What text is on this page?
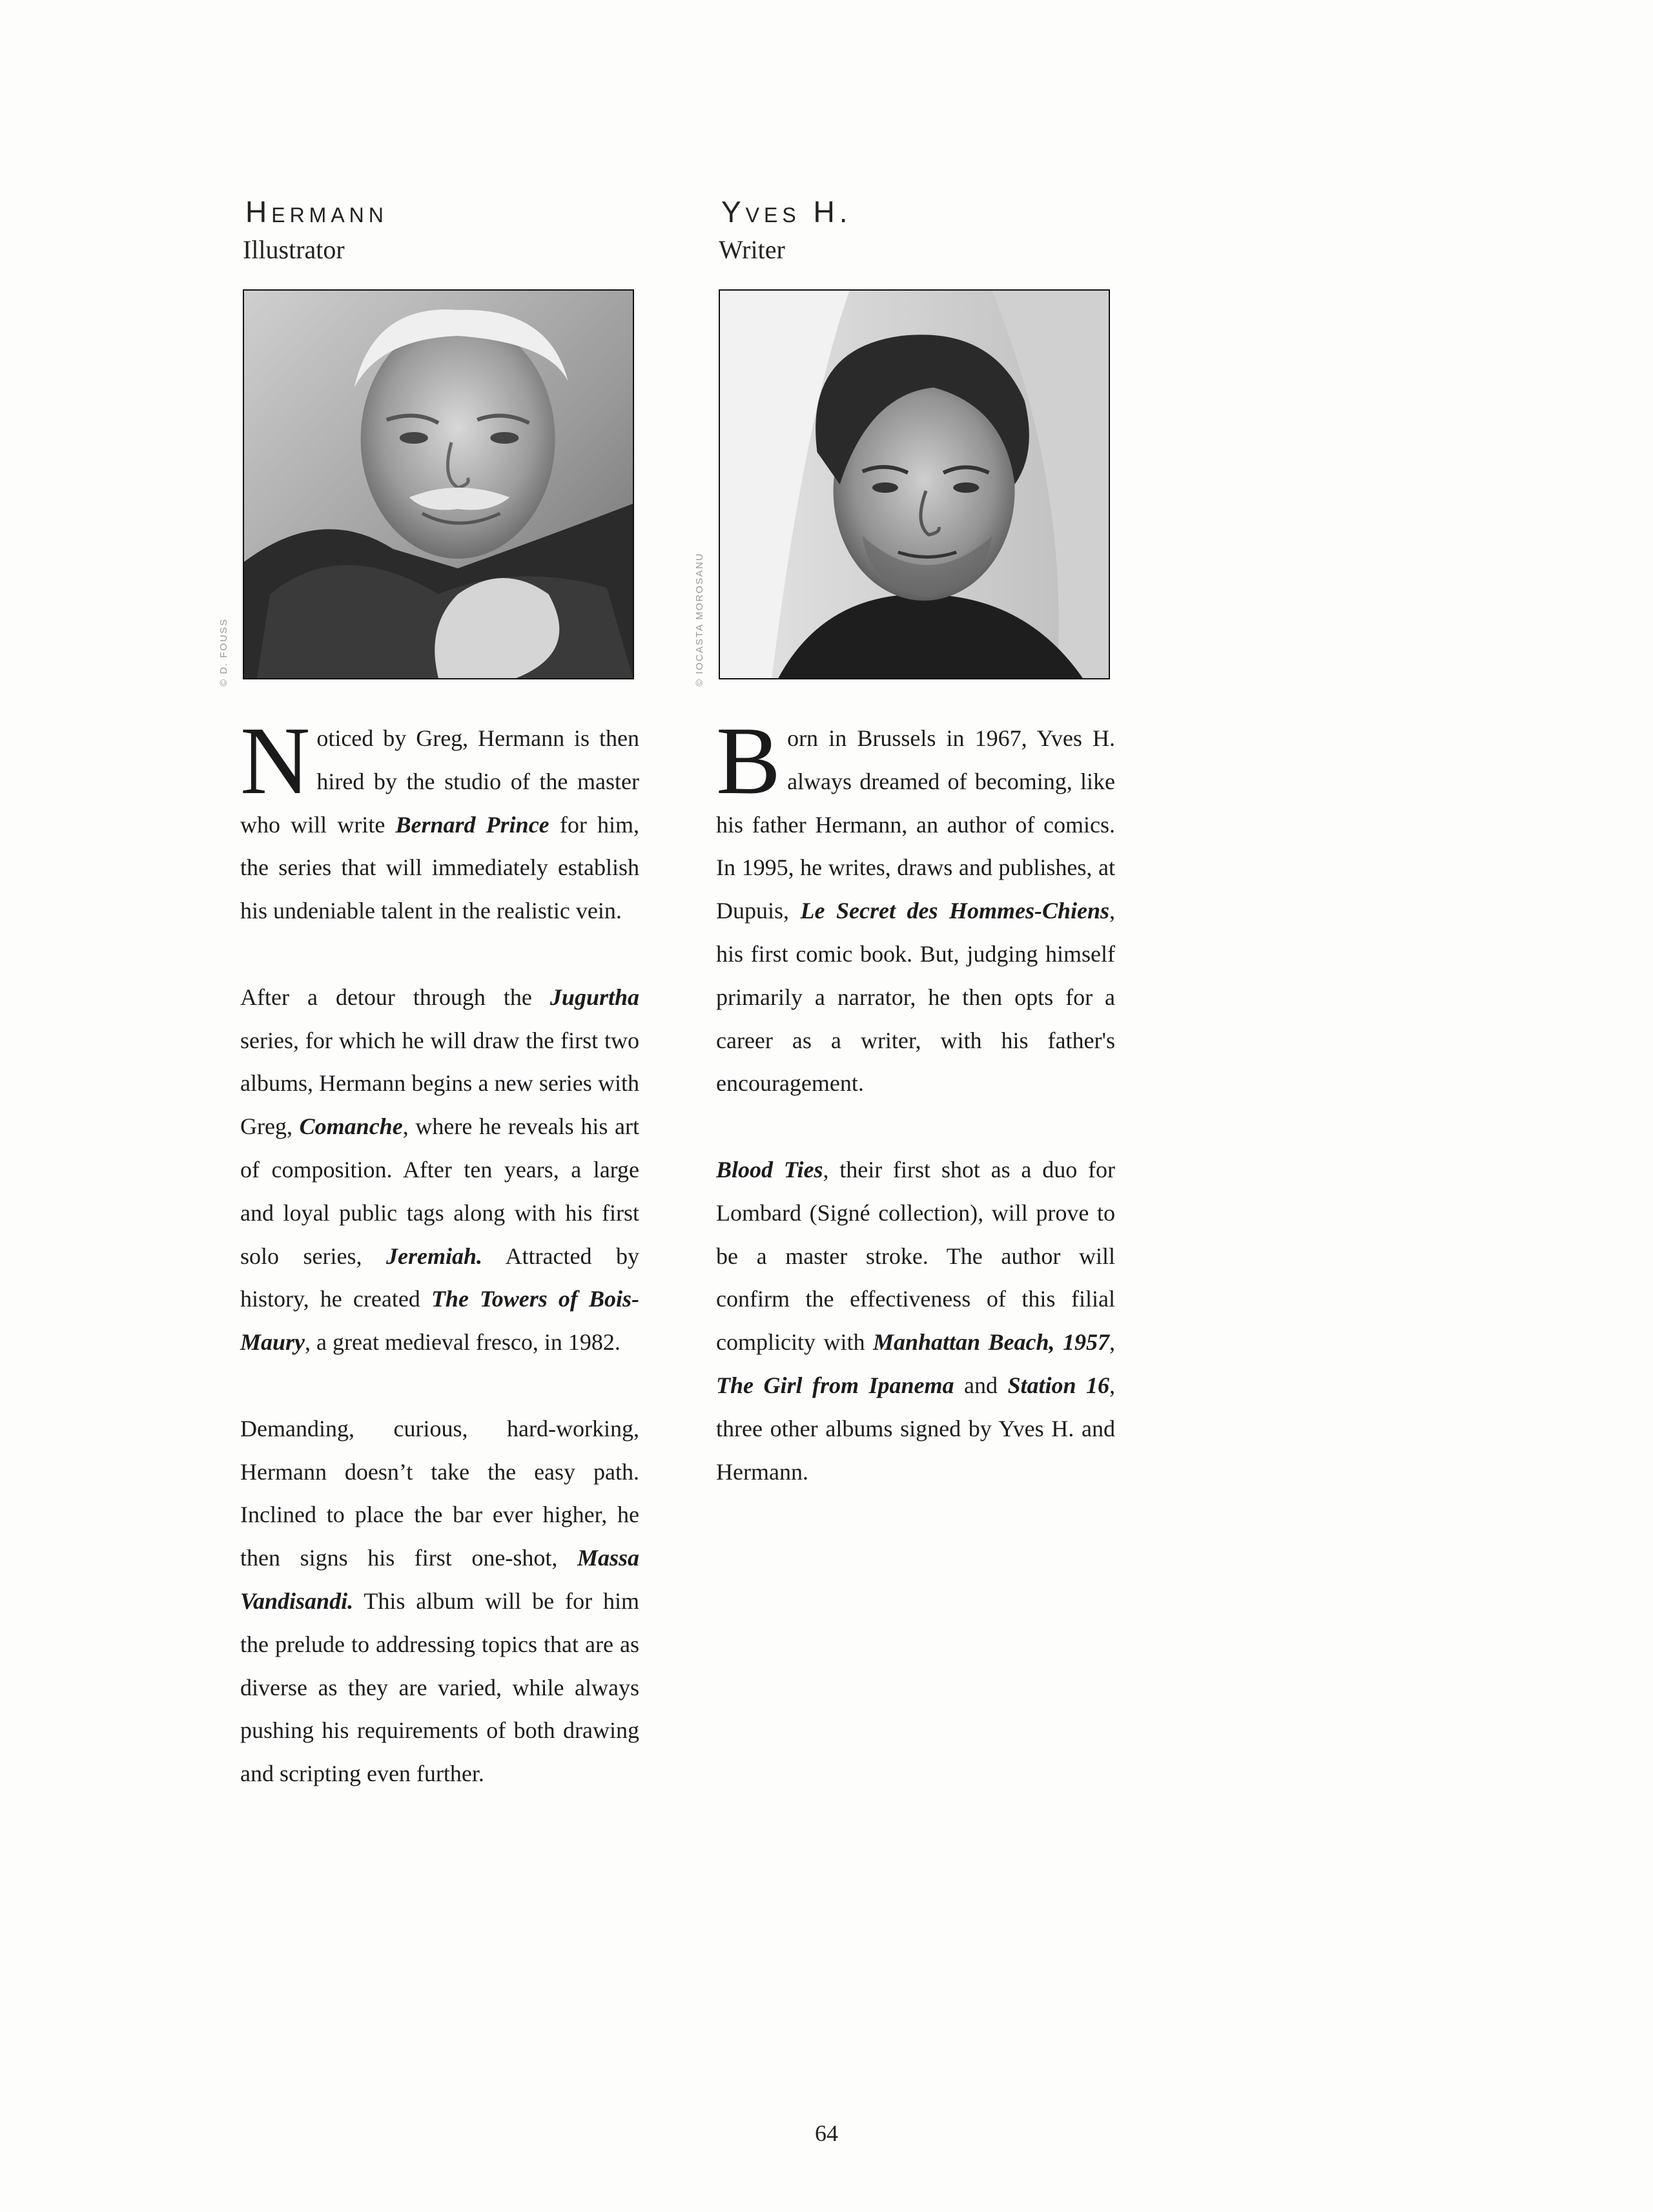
Hermann
Illustrator
© D. FOUSS

Noticed by Greg, Hermann is then hired by the studio of the master who will write Bernard Prince for him, the series that will immediately establish his undeniable talent in the realistic vein.

After a detour through the Jugurtha series, for which he will draw the first two albums, Hermann begins a new series with Greg, Comanche, where he reveals his art of composition. After ten years, a large and loyal public tags along with his first solo series, Jeremiah. Attracted by history, he created The Towers of Bois-Maury, a great medieval fresco, in 1982.

Demanding, curious, hard-working, Hermann doesn’t take the easy path. Inclined to place the bar ever higher, he then signs his first one-shot, Massa Vandisandi. This album will be for him the prelude to addressing topics that are as diverse as they are varied, while always pushing his requirements of both drawing and scripting even further.

Yves H.
Writer
© IOCASTA MOROSANU

Born in Brussels in 1967, Yves H. always dreamed of becoming, like his father Hermann, an author of comics. In 1995, he writes, draws and publishes, at Dupuis, Le Secret des Hommes-Chiens, his first comic book. But, judging himself primarily a narrator, he then opts for a career as a writer, with his father's encouragement.

Blood Ties, their first shot as a duo for Lombard (Signé collection), will prove to be a master stroke. The author will confirm the effectiveness of this filial complicity with Manhattan Beach, 1957, The Girl from Ipanema and Station 16, three other albums signed by Yves H. and Hermann.

64
